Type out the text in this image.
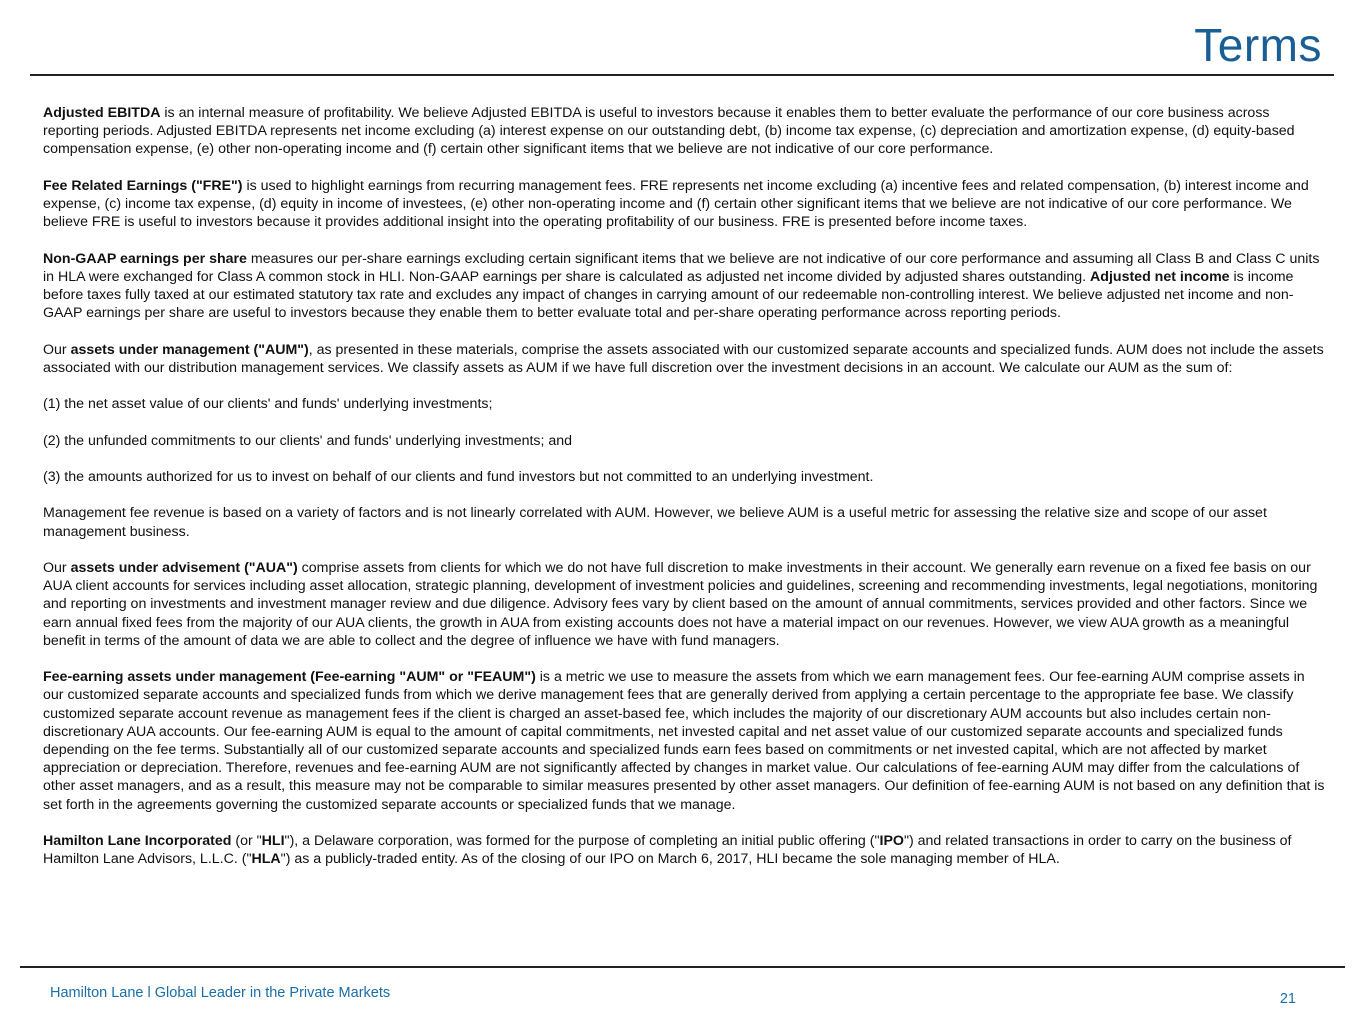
Terms

Adjusted EBITDA is an internal measure of profitability. We believe Adjusted EBITDA is useful to investors because it enables them to better evaluate the performance of our core business across reporting periods. Adjusted EBITDA represents net income excluding (a) interest expense on our outstanding debt, (b) income tax expense, (c) depreciation and amortization expense, (d) equity-based compensation expense, (e) other non-operating income and (f) certain other significant items that we believe are not indicative of our core performance.

Fee Related Earnings ("FRE") is used to highlight earnings from recurring management fees. FRE represents net income excluding (a) incentive fees and related compensation, (b) interest income and expense, (c) income tax expense, (d) equity in income of investees, (e) other non-operating income and (f) certain other significant items that we believe are not indicative of our core performance. We believe FRE is useful to investors because it provides additional insight into the operating profitability of our business. FRE is presented before income taxes.

Non-GAAP earnings per share measures our per-share earnings excluding certain significant items that we believe are not indicative of our core performance and assuming all Class B and Class C units in HLA were exchanged for Class A common stock in HLI. Non-GAAP earnings per share is calculated as adjusted net income divided by adjusted shares outstanding. Adjusted net income is income before taxes fully taxed at our estimated statutory tax rate and excludes any impact of changes in carrying amount of our redeemable non-controlling interest. We believe adjusted net income and non-GAAP earnings per share are useful to investors because they enable them to better evaluate total and per-share operating performance across reporting periods.

Our assets under management ("AUM"), as presented in these materials, comprise the assets associated with our customized separate accounts and specialized funds. AUM does not include the assets associated with our distribution management services. We classify assets as AUM if we have full discretion over the investment decisions in an account. We calculate our AUM as the sum of:

(1) the net asset value of our clients' and funds' underlying investments;

(2) the unfunded commitments to our clients' and funds' underlying investments; and

(3) the amounts authorized for us to invest on behalf of our clients and fund investors but not committed to an underlying investment.

Management fee revenue is based on a variety of factors and is not linearly correlated with AUM. However, we believe AUM is a useful metric for assessing the relative size and scope of our asset management business.

Our assets under advisement ("AUA") comprise assets from clients for which we do not have full discretion to make investments in their account. We generally earn revenue on a fixed fee basis on our AUA client accounts for services including asset allocation, strategic planning, development of investment policies and guidelines, screening and recommending investments, legal negotiations, monitoring and reporting on investments and investment manager review and due diligence. Advisory fees vary by client based on the amount of annual commitments, services provided and other factors. Since we earn annual fixed fees from the majority of our AUA clients, the growth in AUA from existing accounts does not have a material impact on our revenues. However, we view AUA growth as a meaningful benefit in terms of the amount of data we are able to collect and the degree of influence we have with fund managers.

Fee-earning assets under management (Fee-earning "AUM" or "FEAUM") is a metric we use to measure the assets from which we earn management fees. Our fee-earning AUM comprise assets in our customized separate accounts and specialized funds from which we derive management fees that are generally derived from applying a certain percentage to the appropriate fee base. We classify customized separate account revenue as management fees if the client is charged an asset-based fee, which includes the majority of our discretionary AUM accounts but also includes certain non-discretionary AUA accounts. Our fee-earning AUM is equal to the amount of capital commitments, net invested capital and net asset value of our customized separate accounts and specialized funds depending on the fee terms. Substantially all of our customized separate accounts and specialized funds earn fees based on commitments or net invested capital, which are not affected by market appreciation or depreciation. Therefore, revenues and fee-earning AUM are not significantly affected by changes in market value. Our calculations of fee-earning AUM may differ from the calculations of other asset managers, and as a result, this measure may not be comparable to similar measures presented by other asset managers. Our definition of fee-earning AUM is not based on any definition that is set forth in the agreements governing the customized separate accounts or specialized funds that we manage.

Hamilton Lane Incorporated (or "HLI"), a Delaware corporation, was formed for the purpose of completing an initial public offering ("IPO") and related transactions in order to carry on the business of Hamilton Lane Advisors, L.L.C. ("HLA") as a publicly-traded entity. As of the closing of our IPO on March 6, 2017, HLI became the sole managing member of HLA.

Hamilton Lane l Global Leader in the Private Markets	21
